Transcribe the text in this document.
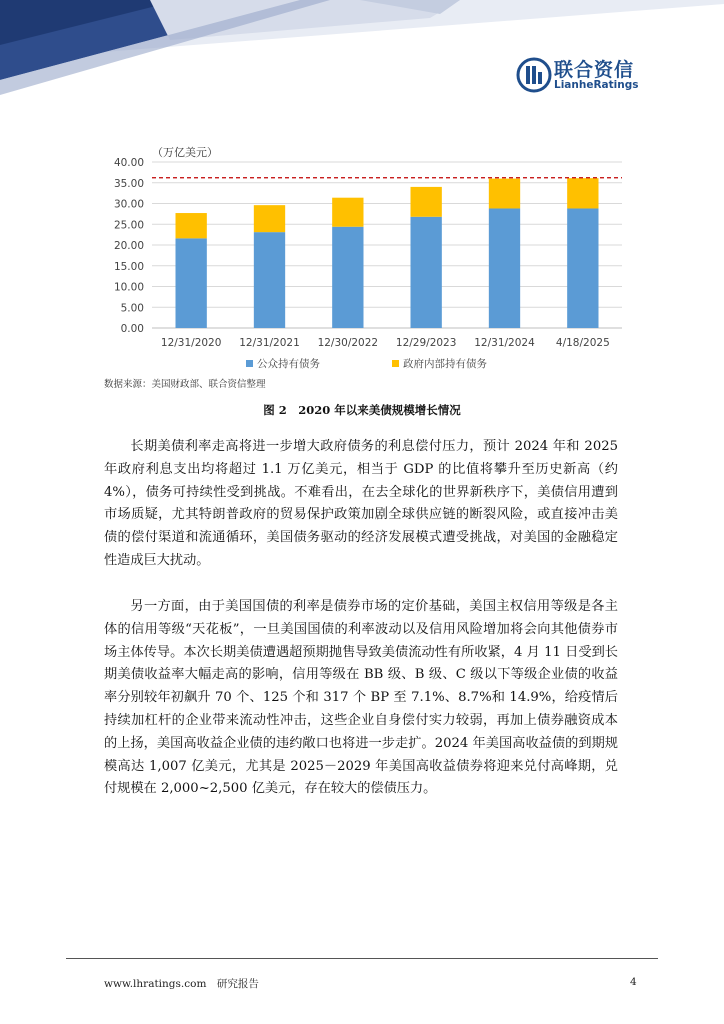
联合资信
LianheRatings
（万亿美元）
0.00
5.00
10.00
15.00
20.00
25.00
30.00
35.00
40.00
12/31/2020 12/31/2021 12/30/2022 12/29/2023 12/31/2024 4/18/2025
公众持有债务	政府内部持有债务
数据来源：美国财政部、联合资信整理
图 2　2020 年以来美债规模增长情况
长期美债利率走高将进一步增大政府债务的利息偿付压力，预计 2024 年和 2025 年政府利息支出均将超过 1.1 万亿美元，相当于 GDP 的比值将攀升至历史新高（约 4%），债务可持续性受到挑战。不难看出，在去全球化的世界新秩序下，美债信用遭到市场质疑，尤其特朗普政府的贸易保护政策加剧全球供应链的断裂风险，或直接冲击美债的偿付渠道和流通循环，美国债务驱动的经济发展模式遭受挑战，对美国的金融稳定性造成巨大扰动。
另一方面，由于美国国债的利率是债券市场的定价基础，美国主权信用等级是各主体的信用等级“天花板”，一旦美国国债的利率波动以及信用风险增加将会向其他债券市场主体传导。本次长期美债遭遇超预期抛售导致美债流动性有所收紧，4 月 11 日受到长期美债收益率大幅走高的影响，信用等级在 BB 级、B 级、C 级以下等级企业债的收益率分别较年初飙升 70 个、125 个和 317 个 BP 至 7.1%、8.7%和 14.9%，给疫情后持续加杠杆的企业带来流动性冲击，这些企业自身偿付实力较弱，再加上债券融资成本的上扬，美国高收益企业债的违约敞口也将进一步走扩。2024 年美国高收益债的到期规模高达 1,007 亿美元，尤其是 2025－2029 年美国高收益债券将迎来兑付高峰期，兑付规模在 2,000~2,500 亿美元，存在较大的偿债压力。
www.lhratings.com　研究报告	4
